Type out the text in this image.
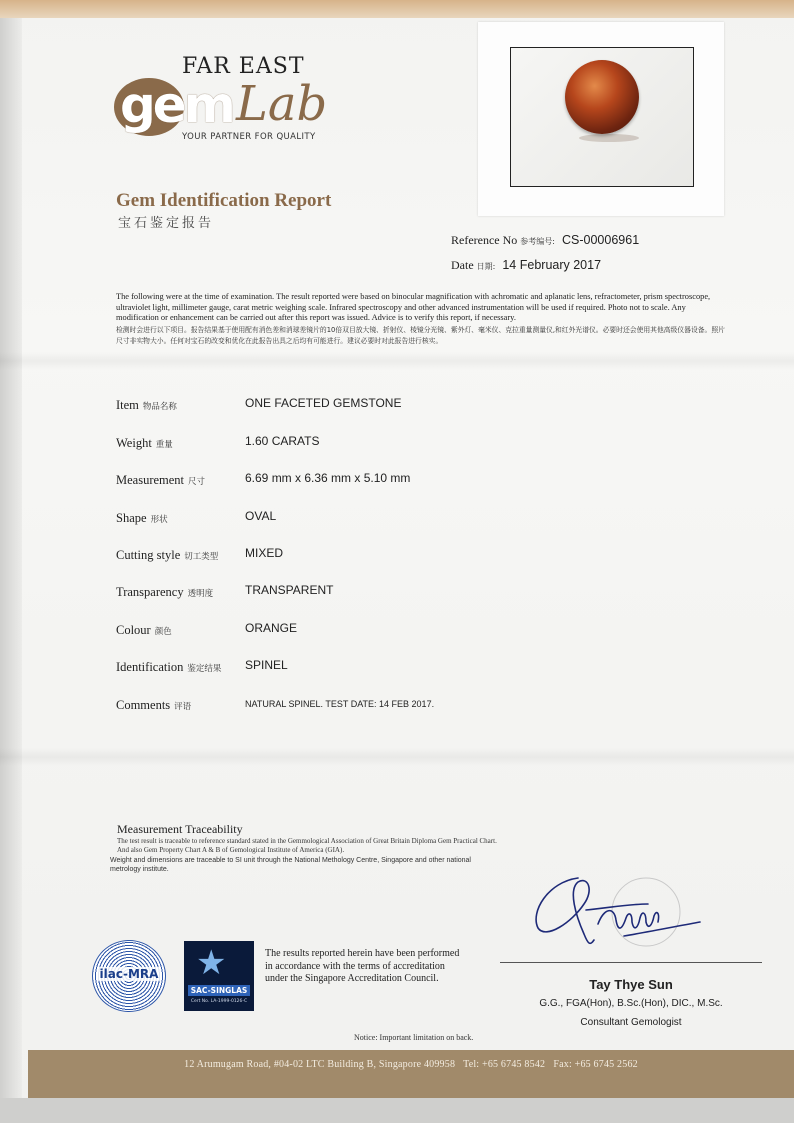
FAR EAST
gem Lab
YOUR PARTNER FOR QUALITY
Gem Identification Report
宝石鉴定报告
Reference No 参考编号: CS-00006961
Date 日期: 14 February 2017
The following were at the time of examination. The result reported were based on binocular magnification with achromatic and aplanatic lens, refractometer, prism spectroscope, ultraviolet light, millimeter gauge, carat metric weighing scale. Infrared spectroscopy and other advanced instrumentation will be used if required. Photo not to scale. Any modification or enhancement can be carried out after this report was issued. Advice is to verify this report, if necessary.
检测时会进行以下项目。报告结果基于使用配有消色差和消球差镜片的10倍双目放大镜、折射仪、棱镜分光镜、紫外灯、毫米仪、克拉重量测量仪,和红外光谱仪。必要时还会使用其他高级仪器设备。照片尺寸非实物大小。任何对宝石的改变和优化在此报告出具之后均有可能进行。建议必要时对此报告进行核实。
Item 物品名称	ONE FACETED GEMSTONE
Weight 重量	1.60 CARATS
Measurement 尺寸	6.69 mm x 6.36 mm x 5.10 mm
Shape 形状	OVAL
Cutting style 切工类型 MIXED
Transparency 透明度	TRANSPARENT
Colour 颜色	ORANGE
Identification 鉴定结果 SPINEL
Comments 评语	NATURAL SPINEL. TEST DATE: 14 FEB 2017.
Measurement Traceability
The test result is traceable to reference standard stated in the Gemmological Association of Great Britain Diploma Gem Practical Chart. And also Gem Property Chart A & B of Gemological Institute of America (GIA).
Weight and dimensions are traceable to SI unit through the National Methology Centre, Singapore and other national metrology institute.
ilac-MRA ★
SAC-SINGLAS
Cert No. LA-1999-0126-C
The results reported herein have been performed in accordance with the terms of accreditation under the Singapore Accreditation Council.	Tay Thye Sun
G.G., FGA(Hon), B.Sc.(Hon), DIC., M.Sc.
Consultant Gemologist
Notice: Important limitation on back.
12 Arumugam Road, #04-02 LTC Building B, Singapore 409958 Tel: +65 6745 8542 Fax: +65 6745 2562
